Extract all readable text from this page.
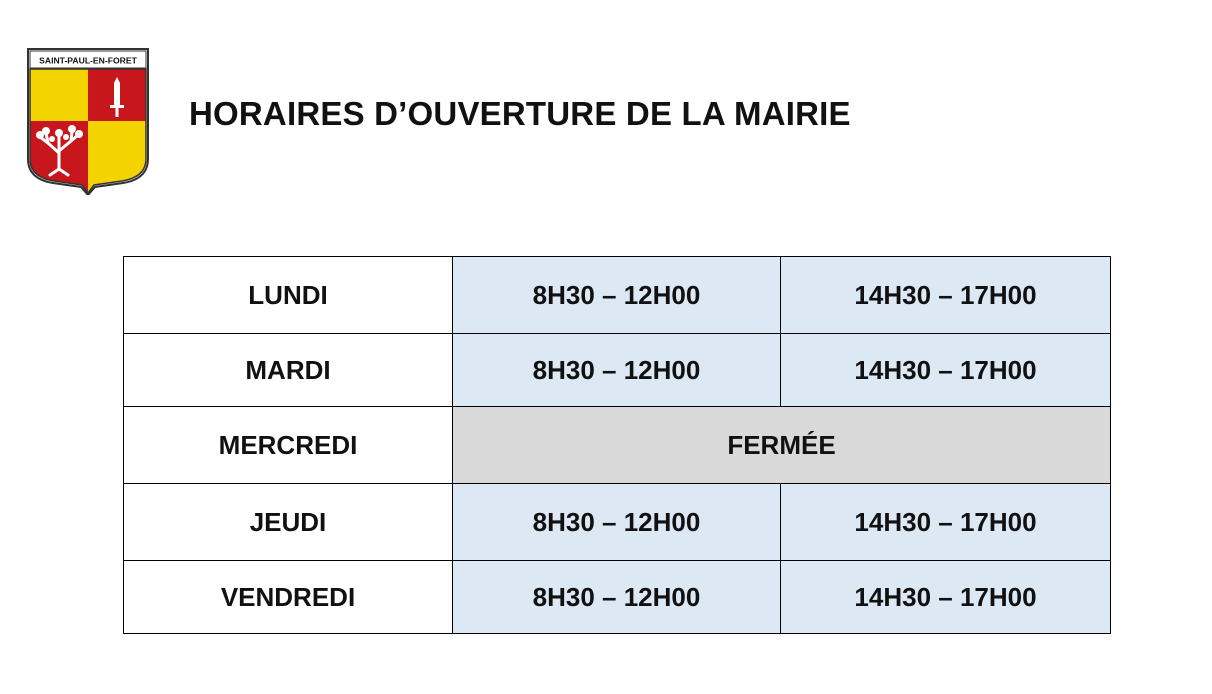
SAINT-PAUL-EN-FORET
HORAIRES D’OUVERTURE DE LA MAIRIE
LUNDI	8H30 – 12H00	14H30 – 17H00
MARDI	8H30 – 12H00	14H30 – 17H00
MERCREDI	FERMÉE	
JEUDI	8H30 – 12H00	14H30 – 17H00
VENDREDI	8H30 – 12H00	14H30 – 17H00
